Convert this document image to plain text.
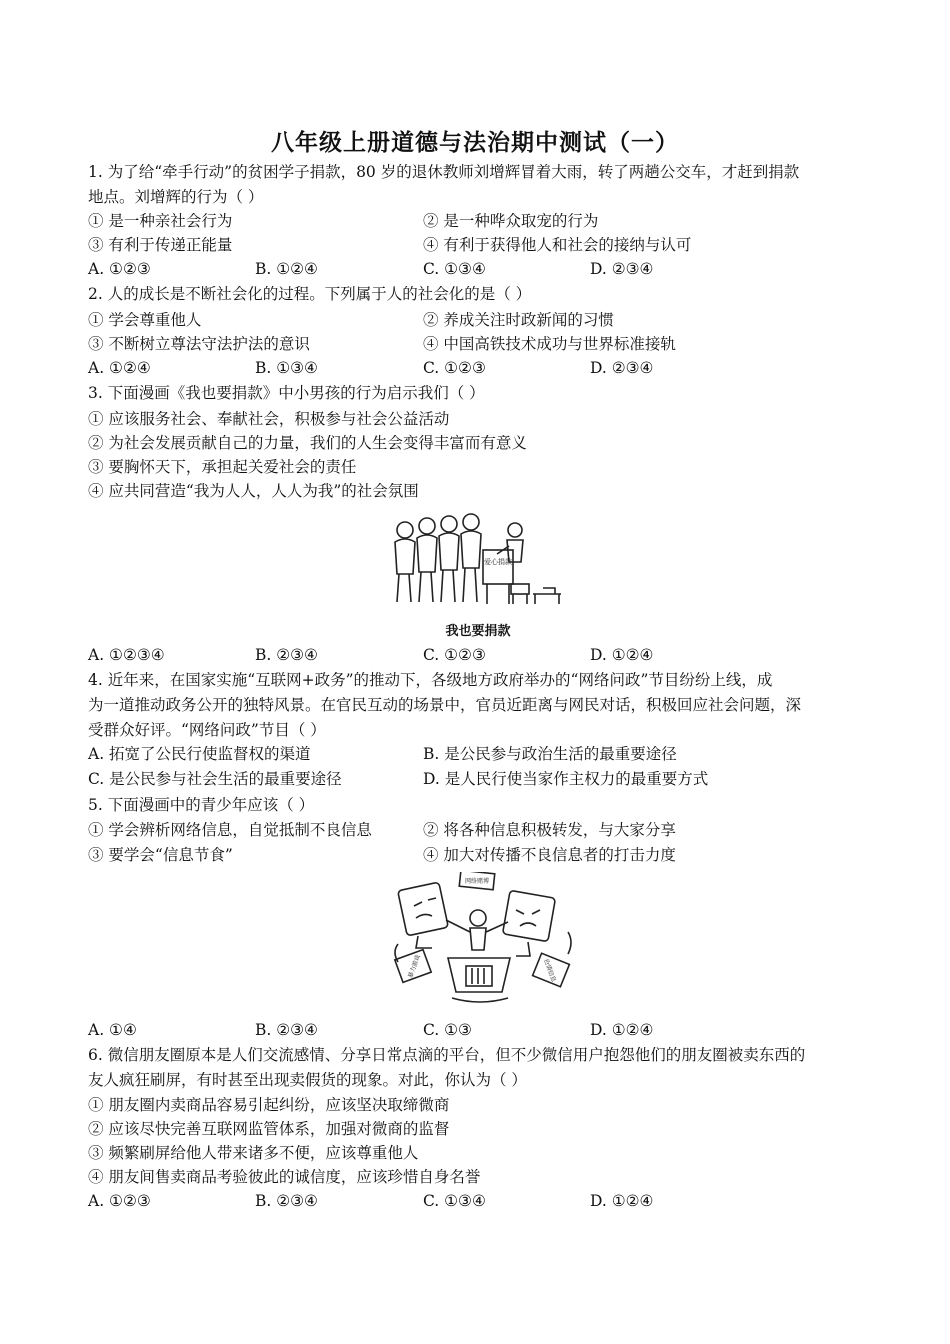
八年级上册道德与法治期中测试（一）
1. 为了给“牵手行动”的贫困学子捐款，80 岁的退休教师刘增辉冒着大雨，转了两趟公交车，才赶到捐款
地点。刘增辉的行为（ ）
① 是一种亲社会行为	② 是一种哗众取宠的行为
③ 有利于传递正能量	④ 有利于获得他人和社会的接纳与认可
A. ①②③	B. ①②④	C. ①③④	D. ②③④
2. 人的成长是不断社会化的过程。下列属于人的社会化的是（ ）
① 学会尊重他人	② 养成关注时政新闻的习惯
③ 不断树立尊法守法护法的意识	④ 中国高铁技术成功与世界标准接轨
A. ①②④	B. ①③④	C. ①②③	D. ②③④
3. 下面漫画《我也要捐款》中小男孩的行为启示我们（ ）
① 应该服务社会、奉献社会，积极参与社会公益活动
② 为社会发展贡献自己的力量，我们的人生会变得丰富而有意义
③ 要胸怀天下，承担起关爱社会的责任
④ 应共同营造“我为人人，人人为我”的社会氛围
爱心捐款
我也要捐款
A. ①②③④	B. ②③④	C. ①②③	D. ①②④
4. 近年来，在国家实施“互联网+政务”的推动下，各级地方政府举办的“网络问政”节目纷纷上线，成
为一道推动政务公开的独特风景。在官民互动的场景中，官员近距离与网民对话，积极回应社会问题，深
受群众好评。“网络问政”节目（ ）
A. 拓宽了公民行使监督权的渠道	B. 是公民参与政治生活的最重要途径
C. 是公民参与社会生活的最重要途径	D. 是人民行使当家作主权力的最重要方式
5. 下面漫画中的青少年应该（ ）
① 学会辨析网络信息，自觉抵制不良信息	② 将各种信息积极转发，与大家分享
③ 要学会“信息节食”	④ 加大对传播不良信息者的打击力度
网络赌博
暴力游戏	色情信息
A. ①④	B. ②③④	C. ①③	D. ①②④
6. 微信朋友圈原本是人们交流感情、分享日常点滴的平台，但不少微信用户抱怨他们的朋友圈被卖东西的
友人疯狂刷屏，有时甚至出现卖假货的现象。对此，你认为（ ）
① 朋友圈内卖商品容易引起纠纷，应该坚决取缔微商
② 应该尽快完善互联网监管体系，加强对微商的监督
③ 频繁刷屏给他人带来诸多不便，应该尊重他人
④ 朋友间售卖商品考验彼此的诚信度，应该珍惜自身名誉
A. ①②③	B. ②③④	C. ①③④	D. ①②④
